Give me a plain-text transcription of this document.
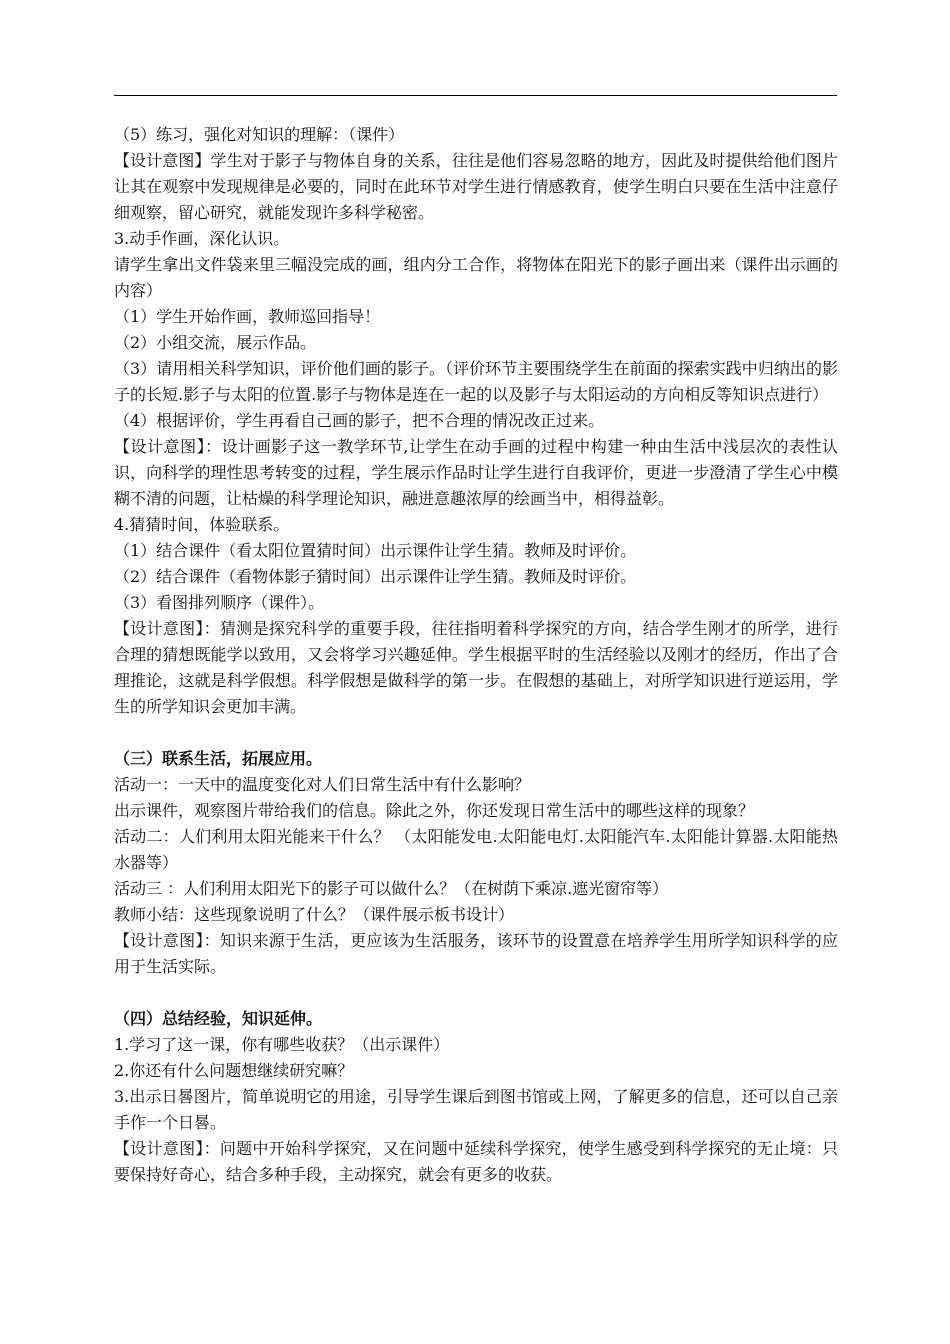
（5）练习，强化对知识的理解：（课件）

【设计意图】学生对于影子与物体自身的关系，往往是他们容易忽略的地方，因此及时提供给他们图片让其在观察中发现规律是必要的，同时在此环节对学生进行情感教育，使学生明白只要在生活中注意仔细观察，留心研究，就能发现许多科学秘密。

3.动手作画，深化认识。

请学生拿出文件袋来里三幅没完成的画，组内分工合作，将物体在阳光下的影子画出来（课件出示画的内容）

（1）学生开始作画，教师巡回指导！

（2）小组交流，展示作品。

（3）请用相关科学知识，评价他们画的影子。（评价环节主要围绕学生在前面的探索实践中归纳出的影子的长短.影子与太阳的位置.影子与物体是连在一起的以及影子与太阳运动的方向相反等知识点进行）

（4）根据评价，学生再看自己画的影子，把不合理的情况改正过来。

【设计意图】：设计画影子这一教学环节,让学生在动手画的过程中构建一种由生活中浅层次的表性认识，向科学的理性思考转变的过程，学生展示作品时让学生进行自我评价，更进一步澄清了学生心中模糊不清的问题，让枯燥的科学理论知识，融进意趣浓厚的绘画当中，相得益彰。

4.猜猜时间，体验联系。

（1）结合课件（看太阳位置猜时间）出示课件让学生猜。教师及时评价。

（2）结合课件（看物体影子猜时间）出示课件让学生猜。教师及时评价。

（3）看图排列顺序（课件）。

【设计意图】：猜测是探究科学的重要手段，往往指明着科学探究的方向，结合学生刚才的所学，进行合理的猜想既能学以致用，又会将学习兴趣延伸。学生根据平时的生活经验以及刚才的经历，作出了合理推论，这就是科学假想。科学假想是做科学的第一步。在假想的基础上，对所学知识进行逆运用，学生的所学知识会更加丰满。

（三）联系生活，拓展应用。

活动一：一天中的温度变化对人们日常生活中有什么影响？

出示课件，观察图片带给我们的信息。除此之外，你还发现日常生活中的哪些这样的现象？

活动二：人们利用太阳光能来干什么？ （太阳能发电.太阳能电灯.太阳能汽车.太阳能计算器.太阳能热水器等）

活动三 ：人们利用太阳光下的影子可以做什么？（在树荫下乘凉.遮光窗帘等）

教师小结：这些现象说明了什么？（课件展示板书设计）

【设计意图】：知识来源于生活，更应该为生活服务，该环节的设置意在培养学生用所学知识科学的应用于生活实际。

（四）总结经验，知识延伸。

1.学习了这一课，你有哪些收获？（出示课件）

2.你还有什么问题想继续研究嘛？

3.出示日晷图片，简单说明它的用途，引导学生课后到图书馆或上网，了解更多的信息，还可以自己亲手作一个日晷。

【设计意图】：问题中开始科学探究，又在问题中延续科学探究，使学生感受到科学探究的无止境：只要保持好奇心，结合多种手段，主动探究，就会有更多的收获。
